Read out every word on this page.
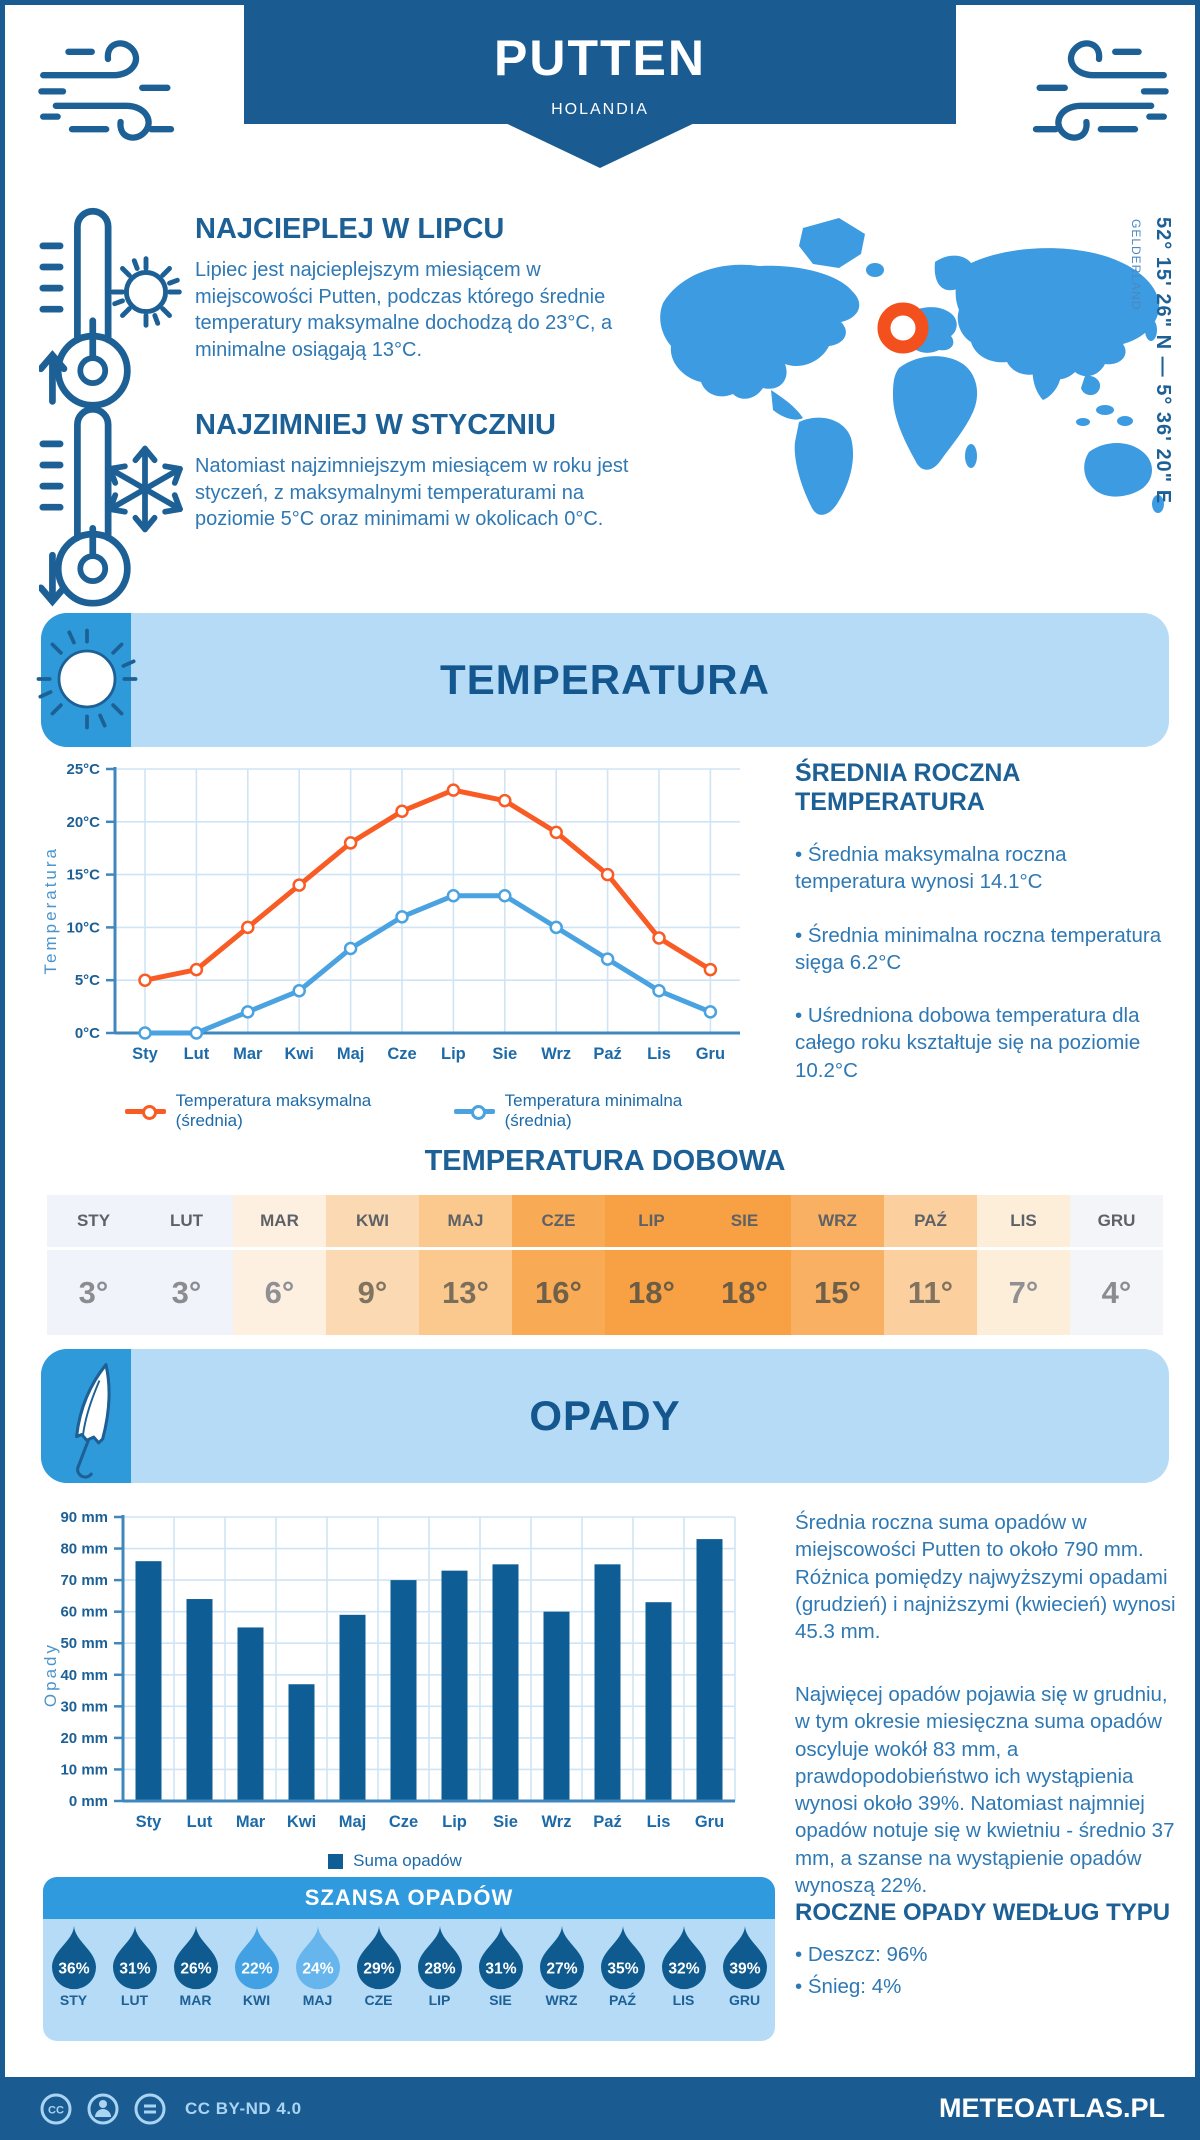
PUTTEN
HOLANDIA
NAJCIEPLEJ W LIPCU
Lipiec jest najcieplejszym miesiącem w miejscowości Putten, podczas którego średnie temperatury maksymalne dochodzą do 23°C, a minimalne osiągają 13°C.
NAJZIMNIEJ W STYCZNIU
Natomiast najzimniejszym miesiącem w roku jest styczeń, z maksymalnymi temperaturami na poziomie 5°C oraz minimami w okolicach 0°C.
52° 15' 26" N — 5° 36' 20" E
GELDERLAND
TEMPERATURA
0°C
5°C
10°C
15°C
20°C
25°C
Sty Lut Mar Kwi Maj Cze Lip Sie Wrz Paź Lis Gru
Temperatura
Temperatura maksymalna (średnia)
Temperatura minimalna (średnia)
ŚREDNIA ROCZNA TEMPERATURA

• Średnia maksymalna roczna temperatura wynosi 14.1°C

• Średnia minimalna roczna temperatura sięga 6.2°C

• Uśredniona dobowa temperatura dla całego roku kształtuje się na poziomie 10.2°C

TEMPERATURA DOBOWA
STY
3°
LUT
3°
MAR
6°
KWI
9°
MAJ
13°
CZE
16°
LIP
18°
SIE
18°
WRZ
15°
PAŹ
11°
LIS
7°
GRU
4°
OPADY
0 mm
10 mm
20 mm
30 mm
40 mm
50 mm
60 mm
70 mm
80 mm
90 mm
Sty Lut Mar Kwi Maj Cze Lip Sie Wrz Paź Lis Gru
Opady
Suma opadów
Średnia roczna suma opadów w miejscowości Putten to około 790 mm. Różnica pomiędzy najwyższymi opadami (grudzień) i najniższymi (kwiecień) wynosi 45.3 mm.
Najwięcej opadów pojawia się w grudniu, w tym okresie miesięczna suma opadów oscyluje wokół 83 mm, a prawdopodobieństwo ich wystąpienia wynosi około 39%. Natomiast najmniej opadów notuje się w kwietniu - średnio 37 mm, a szanse na wystąpienie opadów wynoszą 22%.
ROCZNE OPADY WEDŁUG TYPU
• Deszcz: 96%
• Śnieg: 4%
SZANSA OPADÓW
36%
STY
31%
LUT
26%
MAR
22%
KWI
24%
MAJ
29%
CZE
28%
LIP
31%
SIE
27%
WRZ
35%
PAŹ
32%
LIS
39%
GRU
CC	CC BY-ND 4.0	METEOATLAS.PL
